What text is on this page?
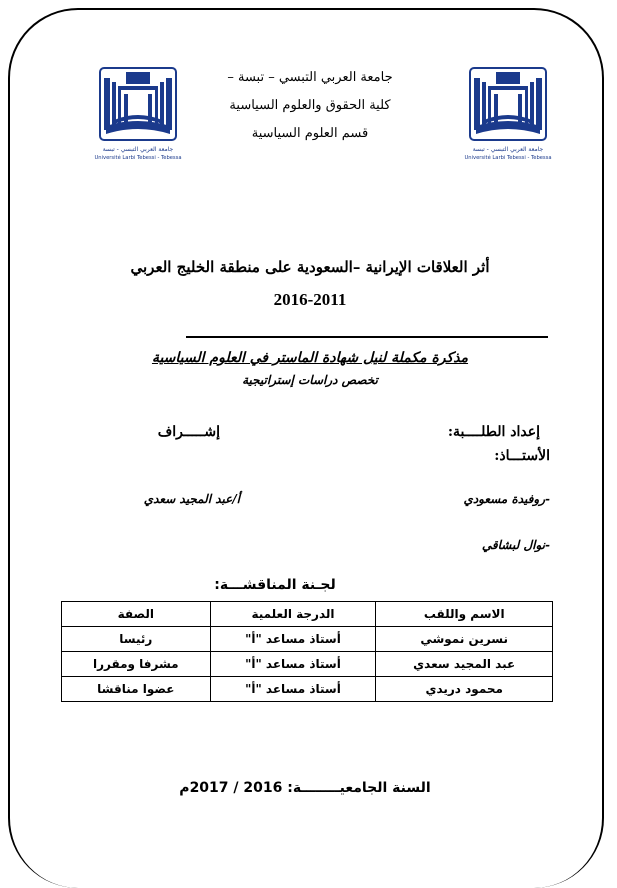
جامعة العربي التبسي - تبسة
Université Larbi Tebessi - Tebessa
جامعة العربي التبسي - تبسة
Université Larbi Tebessi - Tebessa
جامعة العربي التبسي – تبسة –
كلية الحقوق والعلوم السياسية
قسم العلوم السياسية
أثر العلاقات الإيرانية –السعودية على منطقة الخليج العربي
2016-2011
مذكرة مكملة لنيل شهادة الماستر في العلوم السياسية
تخصص دراسات إستراتيجية
إعداد الطلــــبة:
إشـــــراف
الأستـــاذ:
-روفيدة مسعودي
أ/عبد المجيد سعدي
-نوال لبشاقي
لجـنة المناقشـــة:
الاسم واللقب	الدرجة العلمية	الصفة
نسرين نموشي	أستاذ مساعد "أ"	رئيسا
عبد المجيد سعدي	أستاذ مساعد "أ"	مشرفا ومقررا
محمود دريدي	أستاذ مساعد "أ"	عضوا مناقشا
السنة الجامعيــــــــة: 2016 / 2017م
